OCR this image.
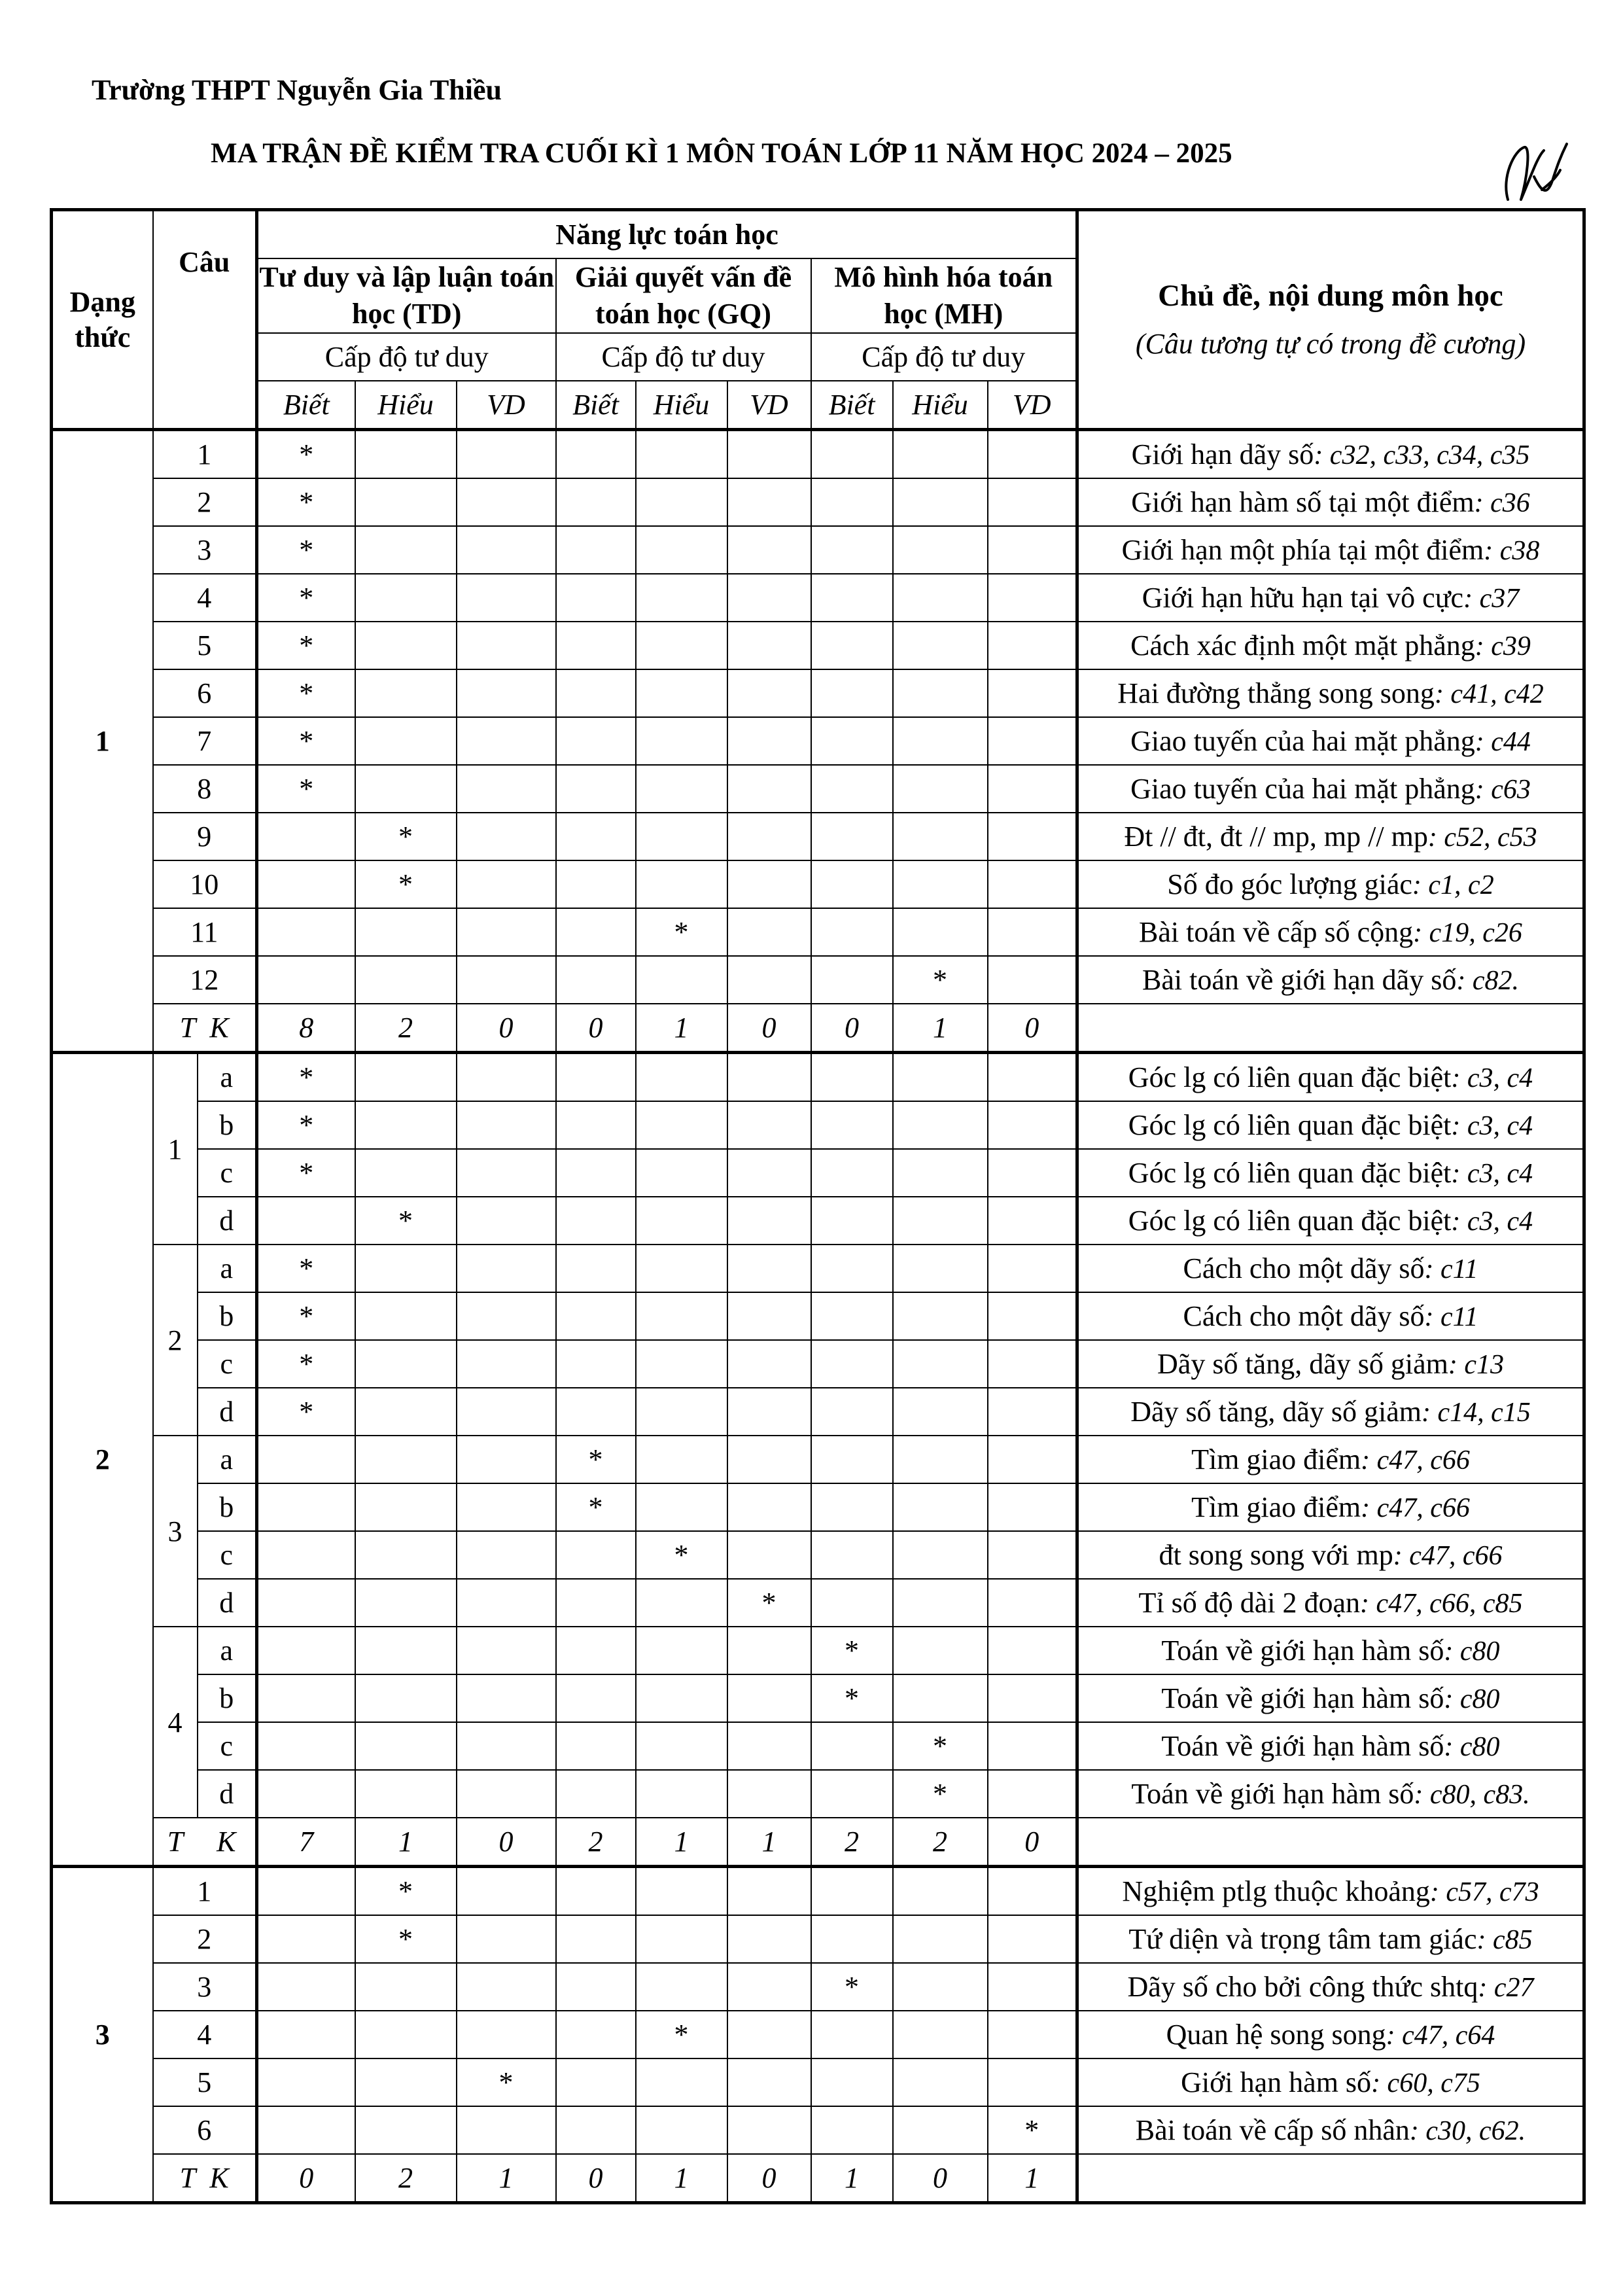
Trường THPT Nguyễn Gia Thiều
MA TRẬN ĐỀ KIỂM TRA CUỐI KÌ 1 MÔN TOÁN LỚP 11 NĂM HỌC 2024 – 2025
Dạng thức	Câu		Năng lực toán học									Chủ đề, nội dung môn học
(Câu tương tự có trong đề cương)

			Tư duy và lập luận toán học (TD)			Giải quyết vấn đề toán học (GQ)			Mô hình hóa toán học (MH)			
			Cấp độ tư duy			Cấp độ tư duy			Cấp độ tư duy			
			Biết	Hiểu	VD	Biết	Hiểu	VD	Biết	Hiểu	VD	
1	1		*									Giới hạn dãy số: c32, c33, c34, c35
	2		*									Giới hạn hàm số tại một điểm: c36
	3		*									Giới hạn một phía tại một điểm: c38
	4		*									Giới hạn hữu hạn tại vô cực: c37
	5		*									Cách xác định một mặt phẳng: c39
	6		*									Hai đường thẳng song song: c41, c42
	7		*									Giao tuyến của hai mặt phẳng: c44
	8		*									Giao tuyến của hai mặt phẳng: c63
	9			*								Đt // đt, đt // mp, mp // mp: c52, c53
	10			*								Số đo góc lượng giác: c1, c2
	11						*					Bài toán về cấp số cộng: c19, c26
	12									*		Bài toán về giới hạn dãy số: c82.
	T  K		8	2	0	0	1	0	0	1	0	
2	1	a	*									Góc lg có liên quan đặc biệt: c3, c4
		b	*									Góc lg có liên quan đặc biệt: c3, c4
		c	*									Góc lg có liên quan đặc biệt: c3, c4
		d		*								Góc lg có liên quan đặc biệt: c3, c4
	2	a	*									Cách cho một dãy số: c11
		b	*									Cách cho một dãy số: c11
		c	*									Dãy số tăng, dãy số giảm: c13
		d	*									Dãy số tăng, dãy số giảm: c14, c15
	3	a				*						Tìm giao điểm: c47, c66
		b				*						Tìm giao điểm: c47, c66
		c					*					đt song song với mp: c47, c66
		d						*				Tỉ số độ dài 2 đoạn: c47, c66, c85
	4	a							*			Toán về giới hạn hàm số: c80
		b							*			Toán về giới hạn hàm số: c80
		c								*		Toán về giới hạn hàm số: c80
		d								*		Toán về giới hạn hàm số: c80, c83.
	T	K	7	1	0	2	1	1	2	2	0	
3	1			*								Nghiệm ptlg thuộc khoảng: c57, c73
	2			*								Tứ diện và trọng tâm tam giác: c85
	3								*			Dãy số cho bởi công thức shtq: c27
	4						*					Quan hệ song song: c47, c64
	5				*							Giới hạn hàm số: c60, c75
	6										*	Bài toán về cấp số nhân: c30, c62.
	T  K		0	2	1	0	1	0	1	0	1	
